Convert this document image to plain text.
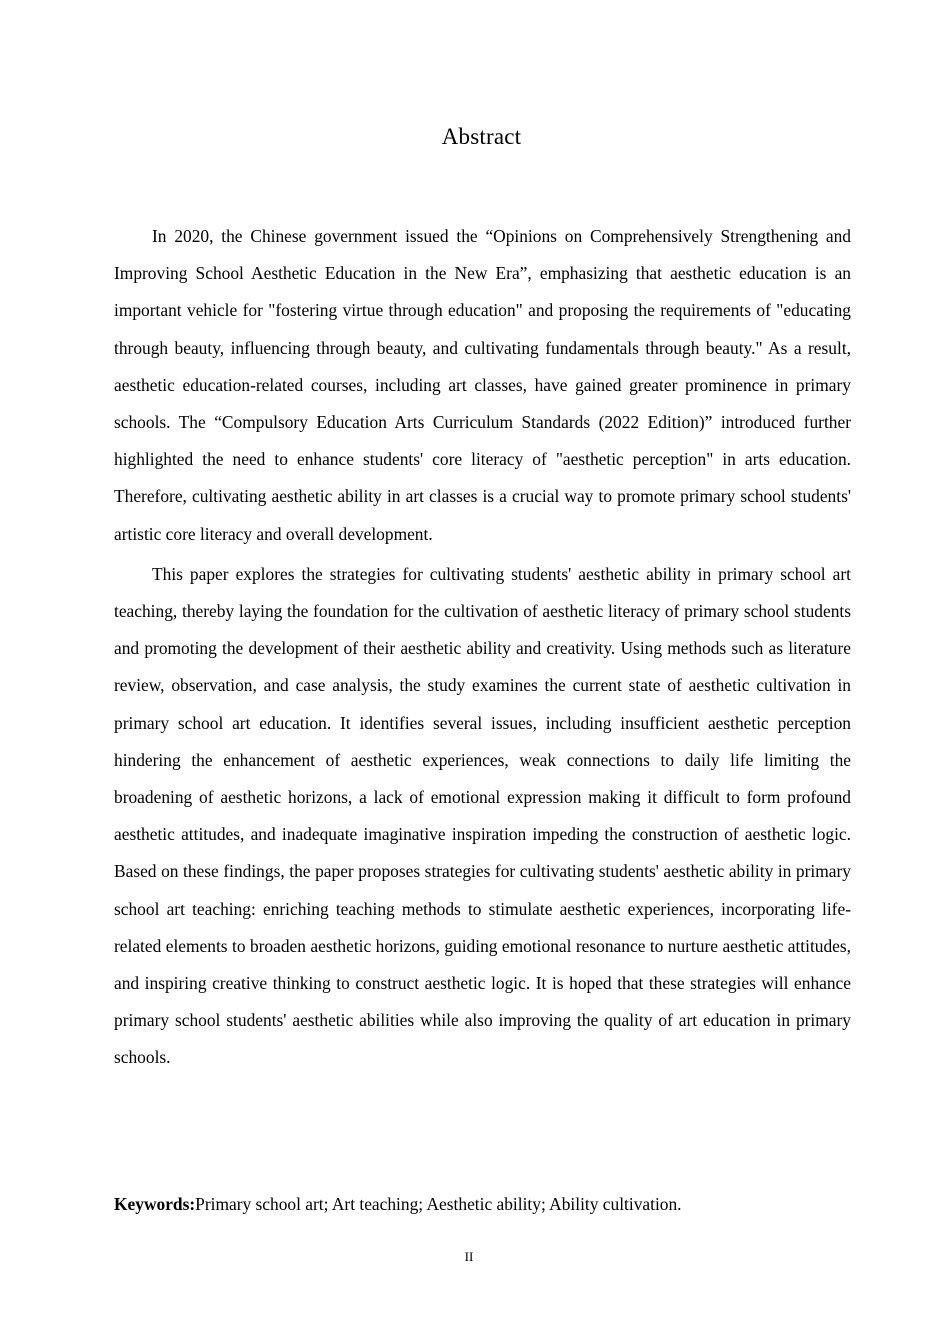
Abstract

In 2020, the Chinese government issued the “Opinions on Comprehensively Strengthening and Improving School Aesthetic Education in the New Era”, emphasizing that aesthetic education is an important vehicle for "fostering virtue through education" and proposing the requirements of "educating through beauty, influencing through beauty, and cultivating fundamentals through beauty." As a result, aesthetic education-related courses, including art classes, have gained greater prominence in primary schools. The “Compulsory Education Arts Curriculum Standards (2022 Edition)” introduced further highlighted the need to enhance students' core literacy of "aesthetic perception" in arts education. Therefore, cultivating aesthetic ability in art classes is a crucial way to promote primary school students' artistic core literacy and overall development.

This paper explores the strategies for cultivating students' aesthetic ability in primary school art teaching, thereby laying the foundation for the cultivation of aesthetic literacy of primary school students and promoting the development of their aesthetic ability and creativity. Using methods such as literature review, observation, and case analysis, the study examines the current state of aesthetic cultivation in primary school art education. It identifies several issues, including insufficient aesthetic perception hindering the enhancement of aesthetic experiences, weak connections to daily life limiting the broadening of aesthetic horizons, a lack of emotional expression making it difficult to form profound aesthetic attitudes, and inadequate imaginative inspiration impeding the construction of aesthetic logic. Based on these findings, the paper proposes strategies for cultivating students' aesthetic ability in primary school art teaching: enriching teaching methods to stimulate aesthetic experiences, incorporating life-related elements to broaden aesthetic horizons, guiding emotional resonance to nurture aesthetic attitudes, and inspiring creative thinking to construct aesthetic logic. It is hoped that these strategies will enhance primary school students' aesthetic abilities while also improving the quality of art education in primary schools.

Keywords:Primary school art; Art teaching; Aesthetic ability; Ability cultivation.
II
